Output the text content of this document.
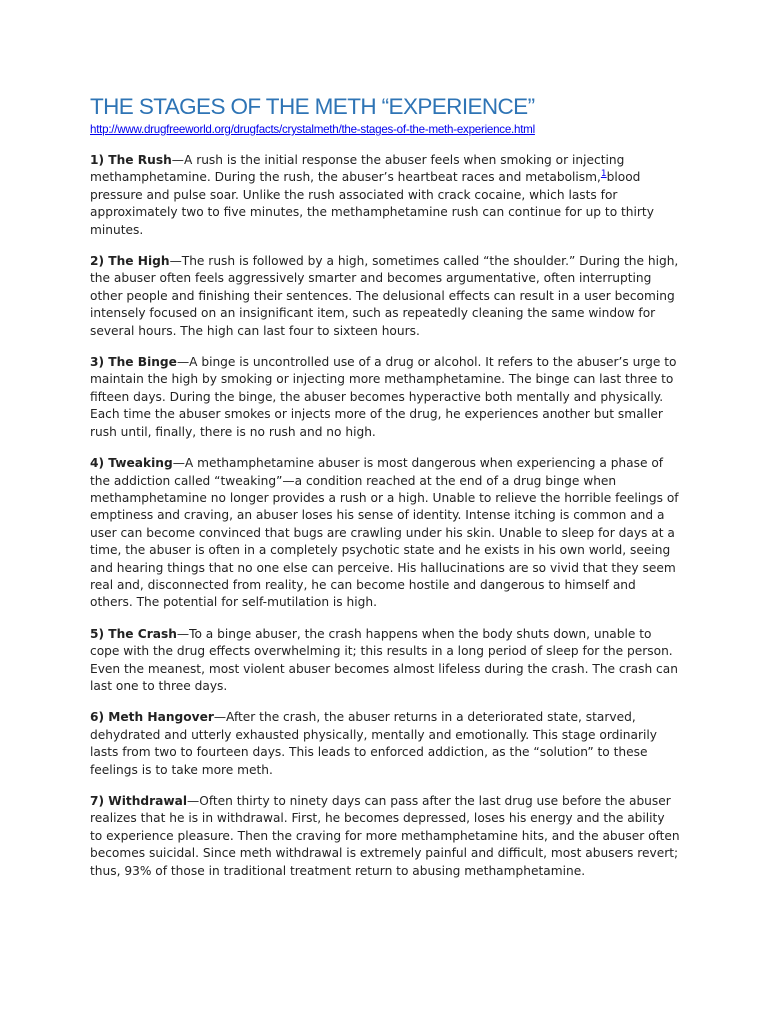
THE STAGES OF THE METH “EXPERIENCE”
http://www.drugfreeworld.org/drugfacts/crystalmeth/the-stages-of-the-meth-experience.html

1) The Rush—A rush is the initial response the abuser feels when smoking or injecting methamphetamine. During the rush, the abuser’s heartbeat races and metabolism,$^1$blood pressure and pulse soar. Unlike the rush associated with crack cocaine, which lasts for approximately two to five minutes, the methamphetamine rush can continue for up to thirty minutes.

2) The High—The rush is followed by a high, sometimes called “the shoulder.” During the high, the abuser often feels aggressively smarter and becomes argumentative, often interrupting other people and finishing their sentences. The delusional effects can result in a user becoming intensely focused on an insignificant item, such as repeatedly cleaning the same window for several hours. The high can last four to sixteen hours.

3) The Binge—A binge is uncontrolled use of a drug or alcohol. It refers to the abuser’s urge to maintain the high by smoking or injecting more methamphetamine. The binge can last three to fifteen days. During the binge, the abuser becomes hyperactive both mentally and physically. Each time the abuser smokes or injects more of the drug, he experiences another but smaller rush until, finally, there is no rush and no high.

4) Tweaking—A methamphetamine abuser is most dangerous when experiencing a phase of the addiction called “tweaking”—a condition reached at the end of a drug binge when methamphetamine no longer provides a rush or a high. Unable to relieve the horrible feelings of emptiness and craving, an abuser loses his sense of identity. Intense itching is common and a user can become convinced that bugs are crawling under his skin. Unable to sleep for days at a time, the abuser is often in a completely psychotic state and he exists in his own world, seeing and hearing things that no one else can perceive. His hallucinations are so vivid that they seem real and, disconnected from reality, he can become hostile and dangerous to himself and others. The potential for self-mutilation is high.

5) The Crash—To a binge abuser, the crash happens when the body shuts down, unable to cope with the drug effects overwhelming it; this results in a long period of sleep for the person. Even the meanest, most violent abuser becomes almost lifeless during the crash. The crash can last one to three days.

6) Meth Hangover—After the crash, the abuser returns in a deteriorated state, starved, dehydrated and utterly exhausted physically, mentally and emotionally. This stage ordinarily lasts from two to fourteen days. This leads to enforced addiction, as the “solution” to these feelings is to take more meth.

7) Withdrawal—Often thirty to ninety days can pass after the last drug use before the abuser realizes that he is in withdrawal. First, he becomes depressed, loses his energy and the ability to experience pleasure. Then the craving for more methamphetamine hits, and the abuser often becomes suicidal. Since meth withdrawal is extremely painful and difficult, most abusers revert; thus, 93% of those in traditional treatment return to abusing methamphetamine.
